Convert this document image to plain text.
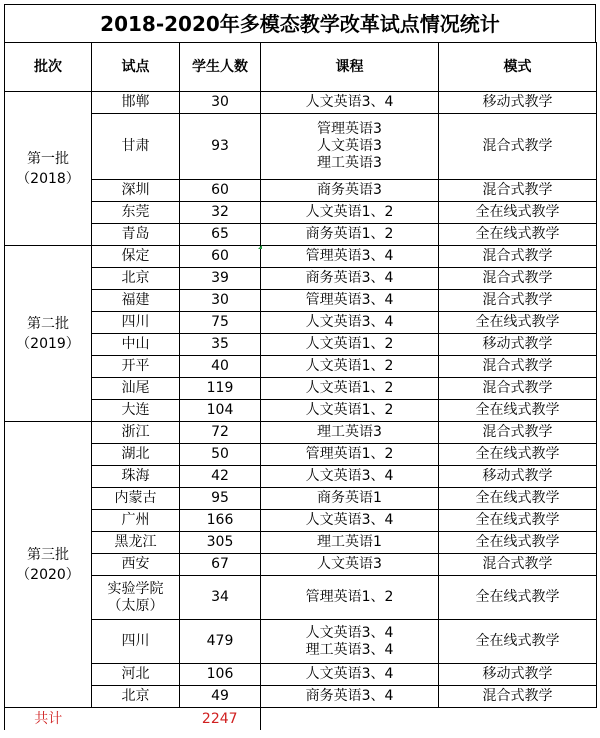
2018-2020年多模态教学改革试点情况统计
批次	试点	学生人数	课程	模式

第一批
（2018）	邯郸	30	人文英语3、4	移动式教学
	甘肃	93	管理英语3
人文英语3
理工英语3	混合式教学
	深圳	60	商务英语3	混合式教学
	东莞	32	人文英语1、2	全在线式教学
	青岛	65	商务英语1、2	全在线式教学

第二批
（2019）	保定	60	管理英语3、4	混合式教学
	北京	39	商务英语3、4	混合式教学
	福建	30	管理英语3、4	混合式教学
	四川	75	人文英语3、4	全在线式教学
	中山	35	人文英语1、2	移动式教学
	开平	40	人文英语1、2	混合式教学
	汕尾	119	人文英语1、2	混合式教学
	大连	104	人文英语1、2	全在线式教学

第三批
（2020）	浙江	72	理工英语3	混合式教学
	湖北	50	管理英语1、2	全在线式教学
	珠海	42	人文英语3、4	移动式教学
	内蒙古	95	商务英语1	全在线式教学
	广州	166	人文英语3、4	全在线式教学
	黑龙江	305	理工英语1	全在线式教学
	西安	67	人文英语3	混合式教学

	实验学院
（太原）	34	管理英语1、2	全在线式教学
	四川	479	人文英语3、4
理工英语3、4	全在线式教学
	河北	106	人文英语3、4	移动式教学
	北京	49	商务英语3、4	混合式教学
共计		2247		
